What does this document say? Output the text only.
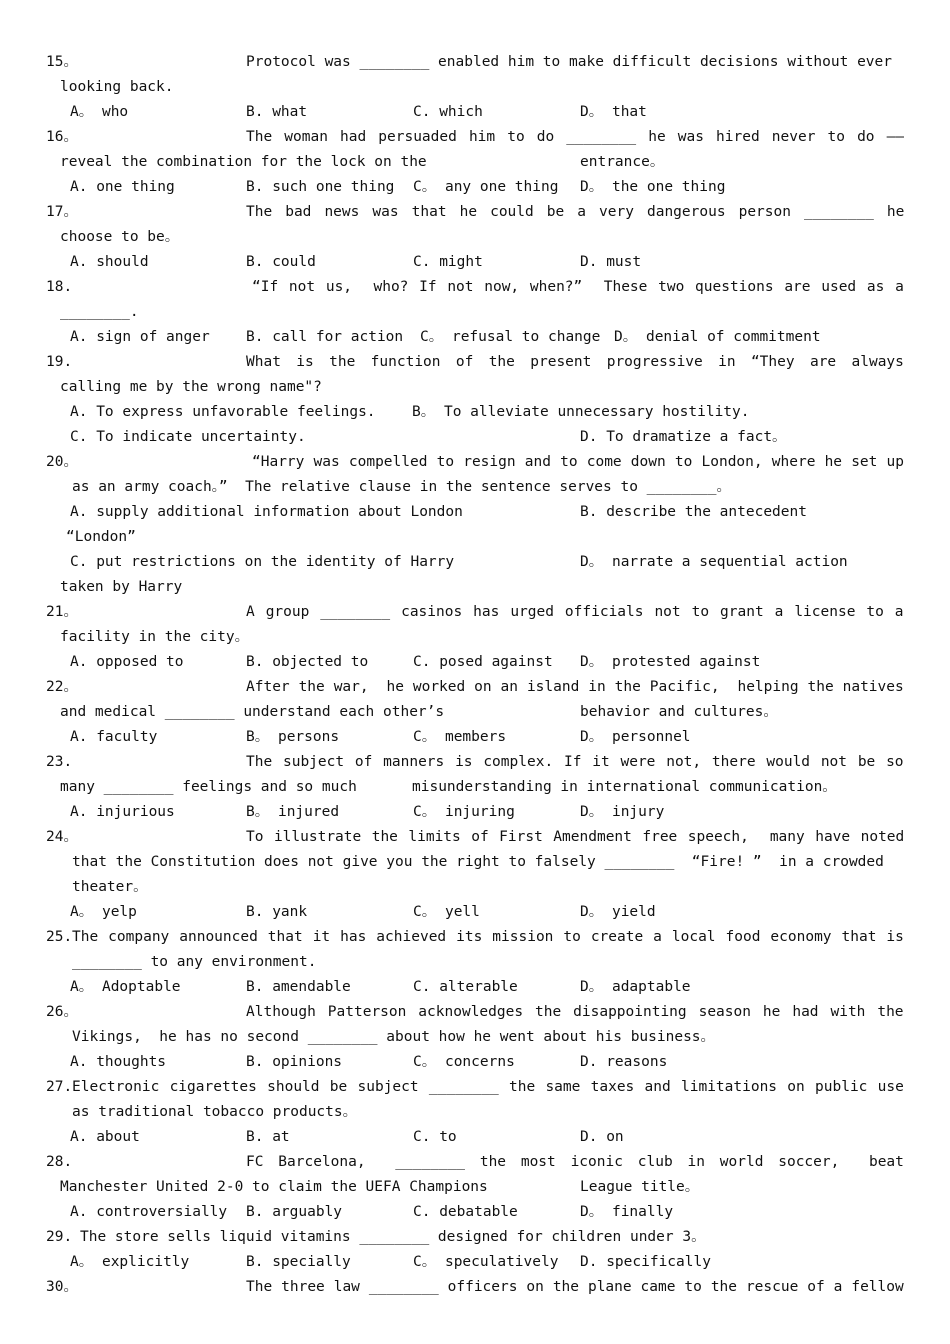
15。

	Protocol was ________ enabled him to make difficult decisions without ever

looking back.

A。 who

	B. what

	C. which

	D。 that

16。

	The woman had persuaded him to do ________ he was hired never to do ——

reveal the combination for the lock on the

	entrance。

A. one thing

	B. such one thing

C。 any one thing

D。 the one thing

17。

	The bad news was that he could be a very dangerous person ________ he

choose to be。

A. should

	B. could

	C. might

	D. must

18.

	“If not us,  who? If not now, when?”  These two questions are used as a

________.

A. sign of anger

	B. call for action

C。 refusal to change

D。 denial of commitment

19.

	What is the function of the present progressive in “They are always

calling me by the wrong name"?

A. To express unfavorable feelings.

	B。 To alleviate unnecessary hostility.

C. To indicate uncertainty.

	D. To dramatize a fact。

20。

	“Harry was compelled to resign and to come down to London, where he set up

as an army coach。”  The relative clause in the sentence serves to ________。

A. supply additional information about London

	B. describe the antecedent

“London”

C. put restrictions on the identity of Harry

	D。 narrate a sequential action

taken by Harry

21。

	A group ________ casinos has urged officials not to grant a license to a

facility in the city。

A. opposed to

	B. objected to

	C. posed against

D。 protested against

22。

	After the war,  he worked on an island in the Pacific,  helping the natives

and medical ________ understand each other’s

	behavior and cultures。

A. faculty

	B。 persons

	C。 members

	D。 personnel

23.

	The subject of manners is complex. If it were not, there would not be so

many ________ feelings and so much

	misunderstanding in international communication。

A. injurious

	B。 injured

	C。 injuring

	D。 injury

24。

	To illustrate the limits of First Amendment free speech,  many have noted

that the Constitution does not give you the right to falsely ________  “Fire! ”  in a crowded
theater。

A。 yelp

	B. yank

	C。 yell

	D。 yield

25.

The company announced that it has achieved its mission to create a local food economy that is

________ to any environment.

A。 Adoptable

	B. amendable

	C. alterable

	D。 adaptable

26。

	Although Patterson acknowledges the disappointing season he had with the

Vikings,  he has no second ________ about how he went about his business。

A. thoughts

	B. opinions

	C。 concerns

	D. reasons

27.

Electronic cigarettes should be subject ________ the same taxes and limitations on public use

as traditional tobacco products。

A. about

	B. at

	C. to

	D. on

28.

	FC Barcelona,  ________ the most iconic club in world soccer,  beat

Manchester United 2-0 to claim the UEFA Champions

	League title。

A. controversially

B. arguably

	C. debatable

	D。 finally

29.

The store sells liquid vitamins ________ designed for children under 3。

A。 explicitly

	B. specially

	C。 speculatively

D. specifically

30。

	The three law ________ officers on the plane came to the rescue of a fellow
